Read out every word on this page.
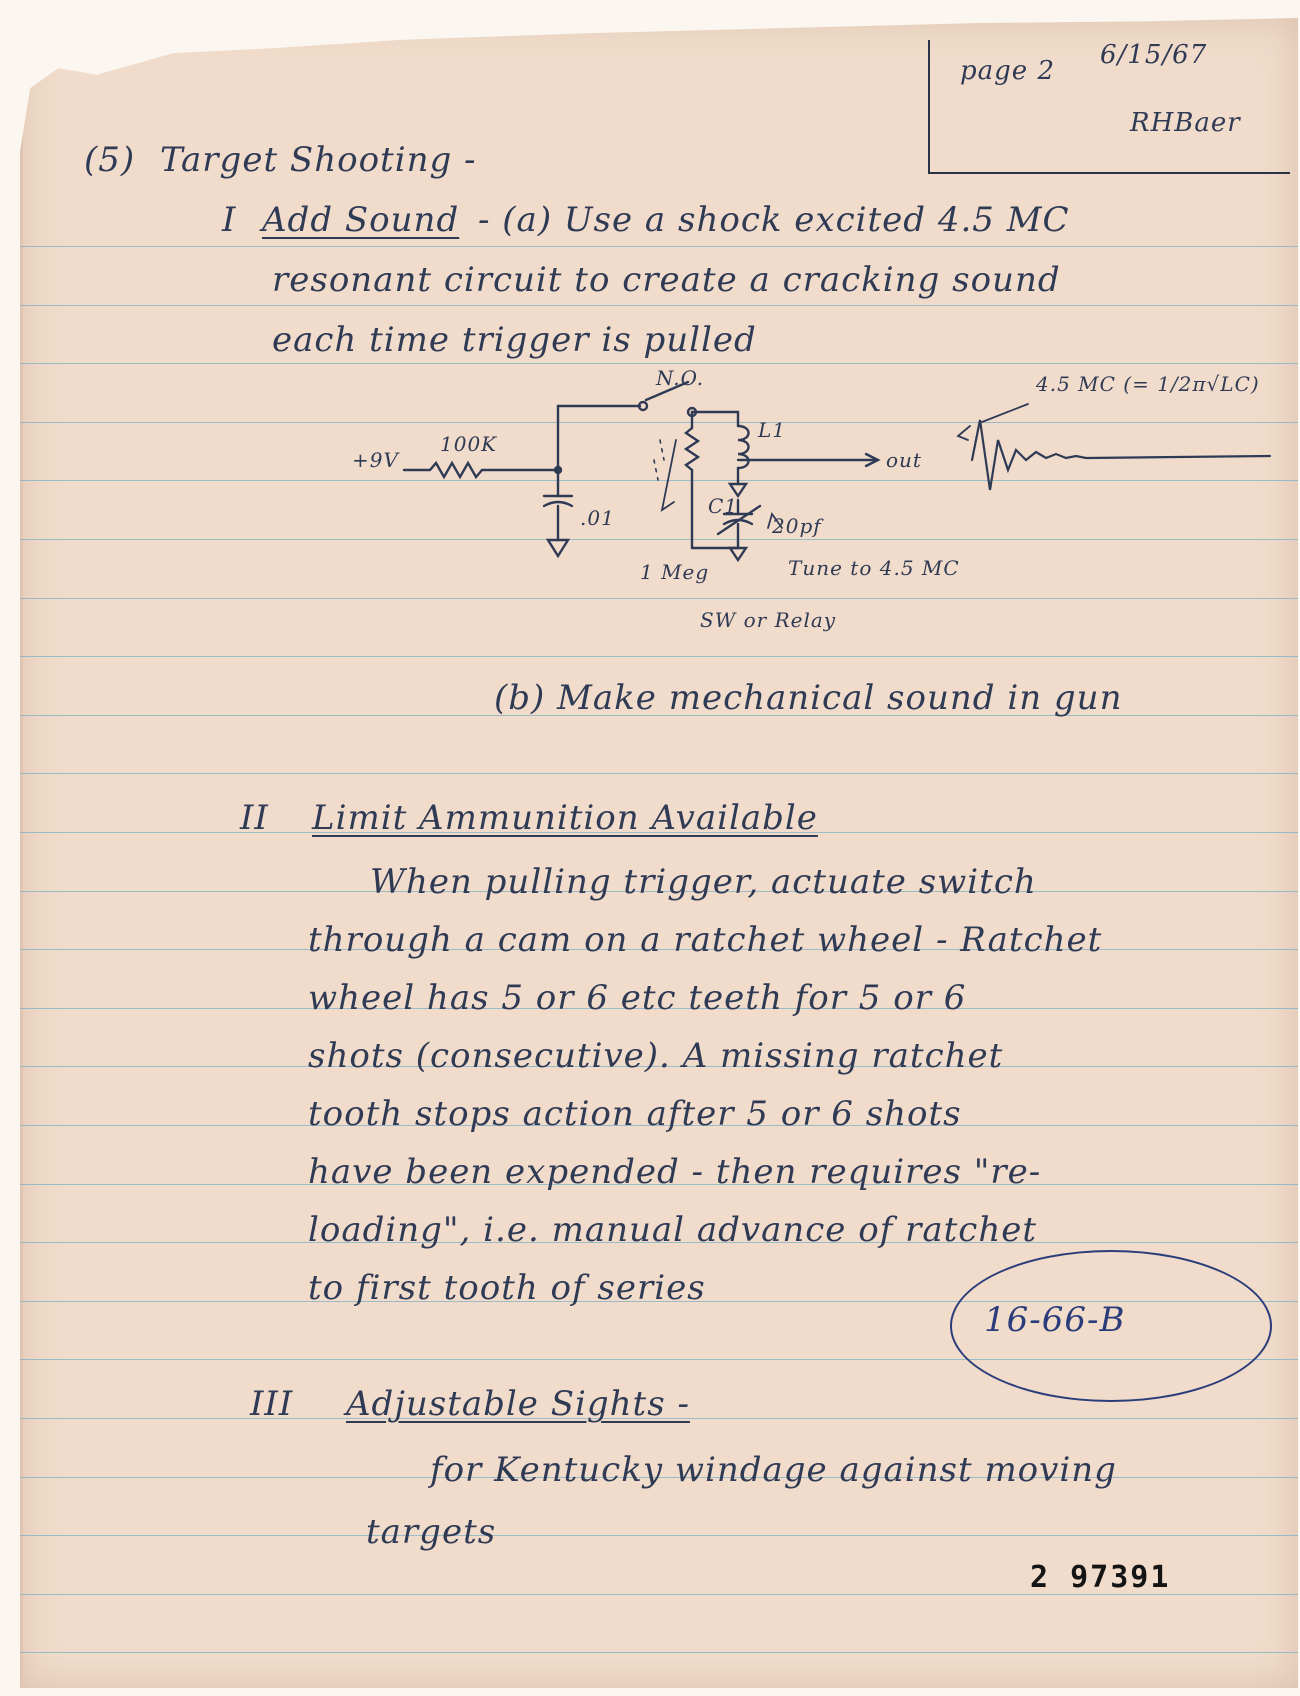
page 2
6/15/67
RHBaer
(5) Target Shooting -
I Add Sound - (a) Use a shock excited 4.5 MC
resonant circuit to create a cracking sound
each time trigger is pulled
+9V
100K
.01
N.O.
L1
C1
20pf
1 Meg	Tune to 4.5 MC
SW or Relay
out
4.5 MC (= 1/2π√LC)
(b) Make mechanical sound in gun
II Limit Ammunition Available
When pulling trigger, actuate switch
through a cam on a ratchet wheel - Ratchet
wheel has 5 or 6 etc teeth for 5 or 6
shots (consecutive). A missing ratchet
tooth stops action after 5 or 6 shots
have been expended - then requires "re-
loading", i.e. manual advance of ratchet
to first tooth of series
16-66-B
III Adjustable Sights -
for Kentucky windage against moving
targets
2 97391
